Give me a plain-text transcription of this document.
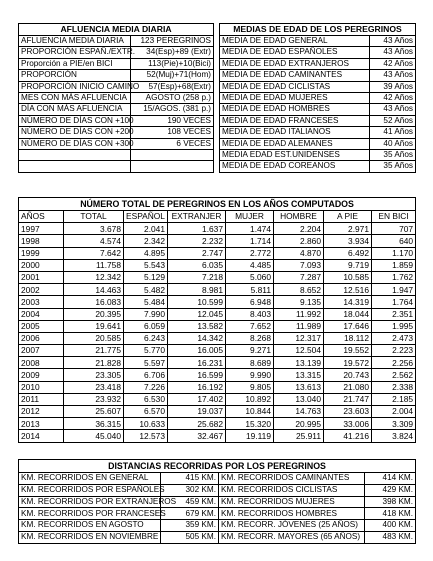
AFLUENCIA MEDIA DIARIA	
AFLUENCIA MEDIA DIARIA	123 PEREGRINOS
PROPORCIÓN ESPAÑ./EXTR.	34(Esp)+89 (Extr)
Proporción a PIE/en BICI	113(Pie)+10(Bici)
PROPORCIÓN	52(Muj)+71(Hom)
PROPORCIÓN INICIO CAMINO	57(Esp)+68(Extr)
MES CON MÁS AFLUENCIA	AGOSTO (258 p.)
DÍA CON MÁS AFLUENCIA	15/AGOS. (381 p.)
NÚMERO DE DÍAS CON +100	190 VECES
NÚMERO DE DÍAS CON +200	108 VECES
NÚMERO DE DÍAS CON +300	6 VECES

MEDIAS DE EDAD DE LOS PEREGRINOS	
MEDIA DE EDAD GENERAL	43 Años
MEDIA DE EDAD ESPAÑOLES	43 Años
MEDIA DE EDAD EXTRANJEROS	42 Años
MEDIA DE EDAD CAMINANTES	43 Años
MEDIA DE EDAD CICLISTAS	39 Años
MEDIA DE EDAD MUJERES	42 Años
MEDIA DE EDAD HOMBRES	43 Años
MEDIA DE EDAD FRANCESES	52 Años
MEDIA DE EDAD ITALIANOS	41 Años
MEDIA DE EDAD ALEMANES	40 Años
MEDIA EDAD EST.UNIDENSES	35 Años
MEDIA DE EDAD COREANOS	35 Años
NÚMERO TOTAL DE PEREGRINOS EN LOS AÑOS COMPUTADOS							
AÑOS	TOTAL	ESPAÑOL	EXTRANJER	MUJER	HOMBRE	A PIE	EN BICI
1997	3.678	2.041	1.637	1.474	2.204	2.971	707
1998	4.574	2.342	2.232	1.714	2.860	3.934	640
1999	7.642	4.895	2.747	2.772	4.870	6.492	1.170
2000	11.758	5.543	6.035	4.485	7.093	9.719	1.859
2001	12.342	5.129	7.218	5.060	7.287	10.585	1.762
2002	14.463	5.482	8.981	5.811	8.652	12.516	1.947
2003	16.083	5.484	10.599	6.948	9.135	14.319	1.764
2004	20.395	7.990	12.045	8.403	11.992	18.044	2.351
2005	19.641	6.059	13.582	7.652	11.989	17.646	1.995
2006	20.585	6.243	14.342	8.268	12.317	18.112	2.473
2007	21.775	5.770	16.005	9.271	12.504	19.552	2.223
2008	21.828	5.597	16.231	8.689	13.139	19.572	2.256
2009	23.305	6.706	16.599	9.990	13.315	20.743	2.562
2010	23.418	7.226	16.192	9.805	13.613	21.080	2.338
2011	23.932	6.530	17.402	10.892	13.040	21.747	2.185
2012	25.607	6.570	19.037	10.844	14.763	23.603	2.004
2013	36.315	10.633	25.682	15.320	20.995	33.006	3.309
2014	45.040	12.573	32.467	19.119	25.911	41.216	3.824
DISTANCIAS RECORRIDAS POR LOS PEREGRINOS			
KM. RECORRIDOS EN GENERAL	415 KM.	KM. RECORRIDOS CAMINANTES	414 KM.
KM. RECORRIDOS POR ESPAÑOLES	302 KM.	KM. RECORRIDOS CICLISTAS	429 KM.
KM. RECORRIDOS POR EXTRANJEROS	459 KM.	KM. RECORRIDOS MUJERES	398 KM.
KM. RECORRIDOS POR FRANCESES	679 KM.	KM. RECORRIDOS HOMBRES	418 KM.
KM. RECORRIDOS EN AGOSTO	359 KM.	KM. RECORR. JÓVENES (25 AÑOS)	400 KM.
KM. RECORRIDOS EN NOVIEMBRE	505 KM.	KM. RECORR. MAYORES (65 AÑOS)	483 KM.
